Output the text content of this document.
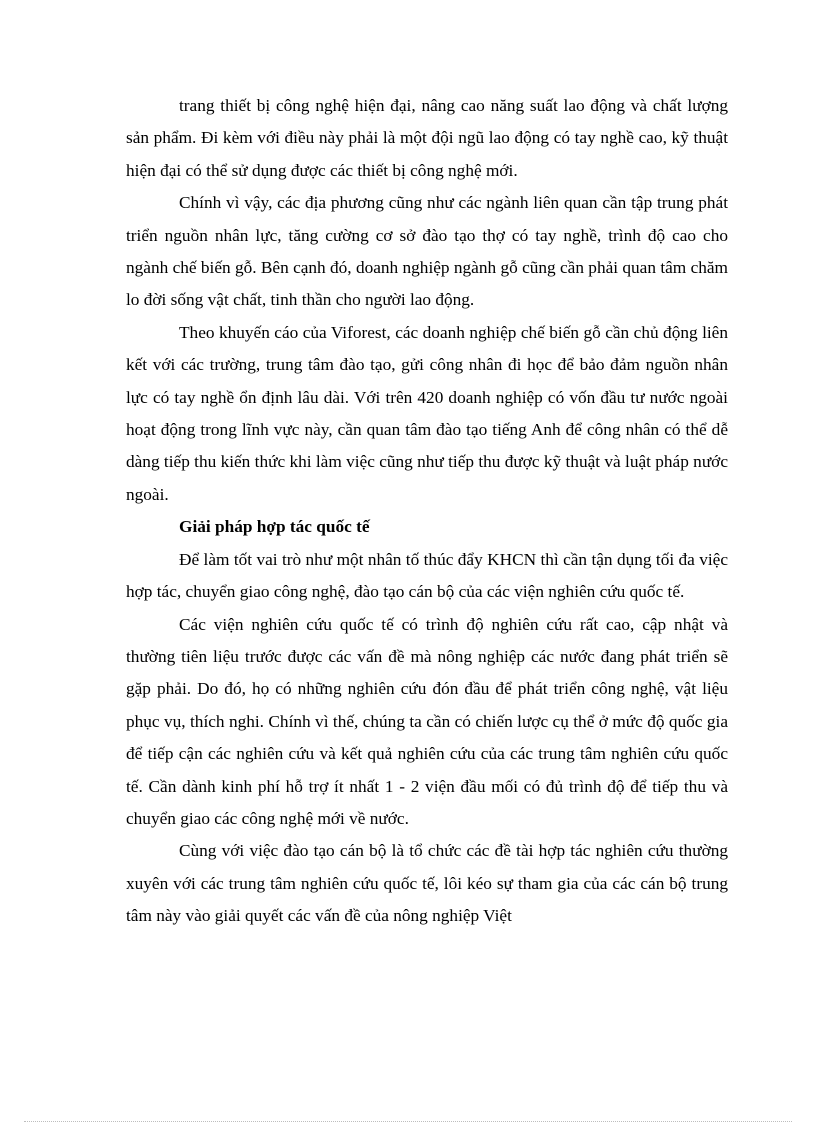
trang thiết bị công nghệ hiện đại, nâng cao năng suất lao động và chất lượng sản phẩm. Đi kèm với điều này phải là một đội ngũ lao động có tay nghề cao, kỹ thuật hiện đại có thể sử dụng được các thiết bị công nghệ mới.

Chính vì vậy, các địa phương cũng như các ngành liên quan cần tập trung phát triển nguồn nhân lực, tăng cường cơ sở đào tạo thợ có tay nghề, trình độ cao cho ngành chế biến gỗ. Bên cạnh đó, doanh nghiệp ngành gỗ cũng cần phải quan tâm chăm lo đời sống vật chất, tinh thần cho người lao động.

Theo khuyến cáo của Viforest, các doanh nghiệp chế biến gỗ cần chủ động liên kết với các trường, trung tâm đào tạo, gửi công nhân đi học để bảo đảm nguồn nhân lực có tay nghề ổn định lâu dài. Với trên 420 doanh nghiệp có vốn đầu tư nước ngoài hoạt động trong lĩnh vực này, cần quan tâm đào tạo tiếng Anh để công nhân có thể dễ dàng tiếp thu kiến thức khi làm việc cũng như tiếp thu được kỹ thuật và luật pháp nước ngoài.

Giải pháp hợp tác quốc tế

Để làm tốt vai trò như một nhân tố thúc đẩy KHCN thì cần tận dụng tối đa việc hợp tác, chuyển giao công nghệ, đào tạo cán bộ của các viện nghiên cứu quốc tế.

Các viện nghiên cứu quốc tế có trình độ nghiên cứu rất cao, cập nhật và thường tiên liệu trước được các vấn đề mà nông nghiệp các nước đang phát triển sẽ gặp phải. Do đó, họ có những nghiên cứu đón đầu để phát triển công nghệ, vật liệu phục vụ, thích nghi. Chính vì thế, chúng ta cần có chiến lược cụ thể ở mức độ quốc gia để tiếp cận các nghiên cứu và kết quả nghiên cứu của các trung tâm nghiên cứu quốc tế. Cần dành kinh phí hỗ trợ ít nhất 1 - 2 viện đầu mối có đủ trình độ để tiếp thu và chuyển giao các công nghệ mới về nước.

Cùng với việc đào tạo cán bộ là tổ chức các đề tài hợp tác nghiên cứu thường xuyên với các trung tâm nghiên cứu quốc tế, lôi kéo sự tham gia của các cán bộ trung tâm này vào giải quyết các vấn đề của nông nghiệp Việt
